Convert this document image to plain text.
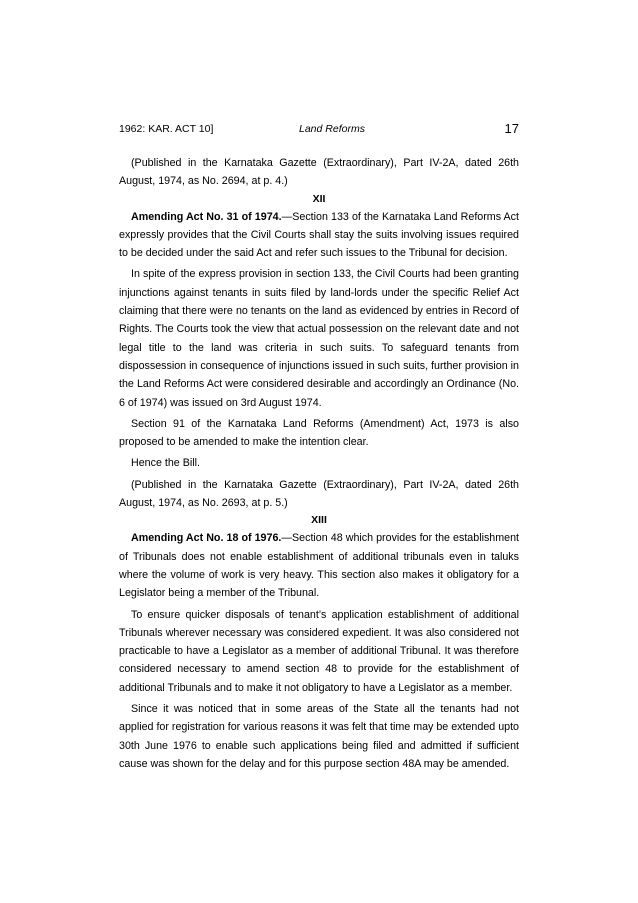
1962: KAR. ACT 10]	Land Reforms	17

(Published in the Karnataka Gazette (Extraordinary), Part IV-2A, dated 26th August, 1974, as No. 2694, at p. 4.)

XII

Amending Act No. 31 of 1974.—Section 133 of the Karnataka Land Reforms Act expressly provides that the Civil Courts shall stay the suits involving issues required to be decided under the said Act and refer such issues to the Tribunal for decision.

In spite of the express provision in section 133, the Civil Courts had been granting injunctions against tenants in suits filed by land-lords under the specific Relief Act claiming that there were no tenants on the land as evidenced by entries in Record of Rights. The Courts took the view that actual possession on the relevant date and not legal title to the land was criteria in such suits. To safeguard tenants from dispossession in consequence of injunctions issued in such suits, further provision in the Land Reforms Act were considered desirable and accordingly an Ordinance (No. 6 of 1974) was issued on 3rd August 1974.

Section 91 of the Karnataka Land Reforms (Amendment) Act, 1973 is also proposed to be amended to make the intention clear.

Hence the Bill.

(Published in the Karnataka Gazette (Extraordinary), Part IV-2A, dated 26th August, 1974, as No. 2693, at p. 5.)

XIII

Amending Act No. 18 of 1976.—Section 48 which provides for the establishment of Tribunals does not enable establishment of additional tribunals even in taluks where the volume of work is very heavy. This section also makes it obligatory for a Legislator being a member of the Tribunal.

To ensure quicker disposals of tenant’s application establishment of additional Tribunals wherever necessary was considered expedient. It was also considered not practicable to have a Legislator as a member of additional Tribunal. It was therefore considered necessary to amend section 48 to provide for the establishment of additional Tribunals and to make it not obligatory to have a Legislator as a member.

Since it was noticed that in some areas of the State all the tenants had not applied for registration for various reasons it was felt that time may be extended upto 30th June 1976 to enable such applications being filed and admitted if sufficient cause was shown for the delay and for this purpose section 48A may be amended.
